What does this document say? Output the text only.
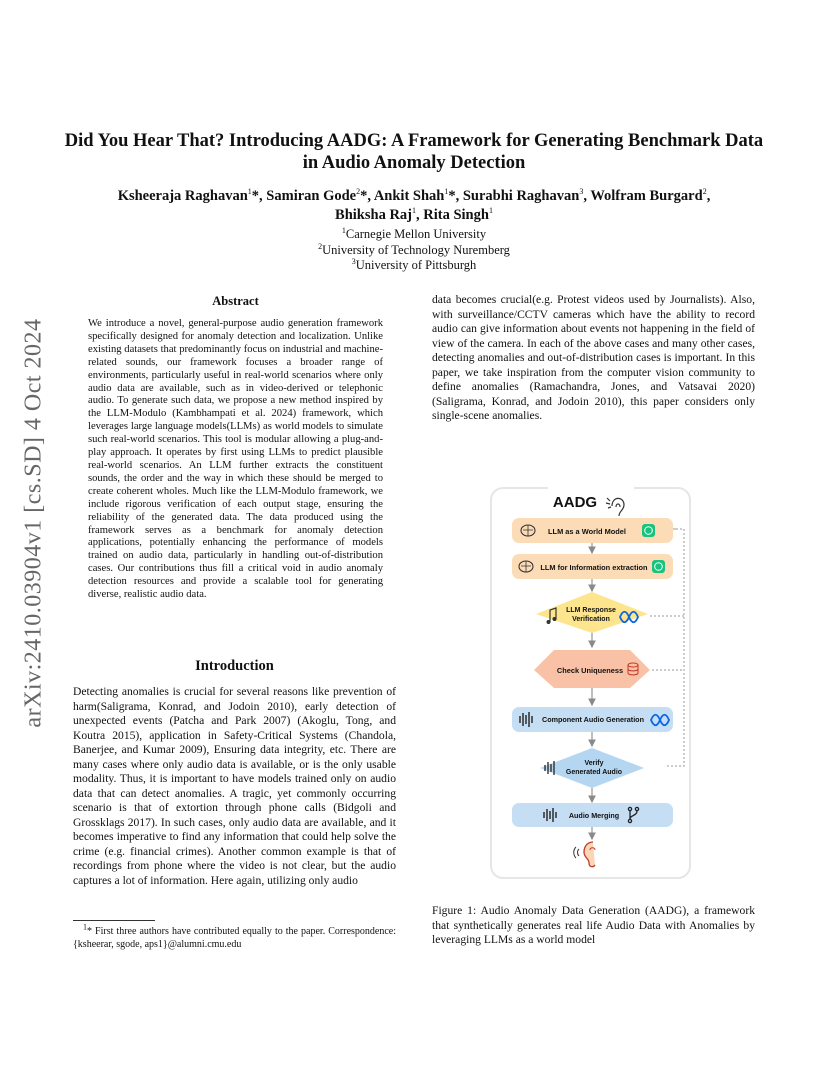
Did You Hear That? Introducing AADG: A Framework for Generating Benchmark Data in Audio Anomaly Detection
Ksheeraja Raghavan$^1$*, Samiran Gode$^2$*, Ankit Shah$^1$*, Surabhi Raghavan$^3$, Wolfram Burgard$^2$,
Bhiksha Raj$^1$, Rita Singh$^1$
$^1$Carnegie Mellon University
$^2$University of Technology Nuremberg
$^3$University of Pittsburgh
arXiv:2410.03904v1 [cs.SD] 4 Oct 2024
Abstract
We introduce a novel, general-purpose audio generation framework specifically designed for anomaly detection and localization. Unlike existing datasets that predominantly focus on industrial and machine-related sounds, our framework focuses a broader range of environments, particularly useful in real-world scenarios where only audio data are available, such as in video-derived or telephonic audio. To generate such data, we propose a new method inspired by the LLM-Modulo (Kambhampati et al. 2024) framework, which leverages large language models(LLMs) as world models to simulate such real-world scenarios. This tool is modular allowing a plug-and-play approach. It operates by first using LLMs to predict plausible real-world scenarios. An LLM further extracts the constituent sounds, the order and the way in which these should be merged to create coherent wholes. Much like the LLM-Modulo framework, we include rigorous verification of each output stage, ensuring the reliability of the generated data. The data produced using the framework serves as a benchmark for anomaly detection applications, potentially enhancing the performance of models trained on audio data, particularly in handling out-of-distribution cases. Our contributions thus fill a critical void in audio anomaly detection resources and provide a scalable tool for generating diverse, realistic audio data.
Introduction
Detecting anomalies is crucial for several reasons like prevention of harm(Saligrama, Konrad, and Jodoin 2010), early detection of unexpected events (Patcha and Park 2007) (Akoglu, Tong, and Koutra 2015), application in Safety-Critical Systems (Chandola, Banerjee, and Kumar 2009), Ensuring data integrity, etc. There are many cases where only audio data is available, or is the only usable modality. Thus, it is important to have models trained only on audio data that can detect anomalies. A tragic, yet commonly occurring scenario is that of extortion through phone calls (Bidgoli and Grossklags 2017). In such cases, only audio data are available, and it becomes imperative to find any information that could help solve the crime (e.g. financial crimes). Another common example is that of recordings from phone where the video is not clear, but the audio captures a lot of information. Here again, utilizing only audio
$^1$* First three authors have contributed equally to the paper. Correspondence: {ksheerar, sgode, aps1}@alumni.cmu.edu
data becomes crucial(e.g. Protest videos used by Journalists). Also, with surveillance/CCTV cameras which have the ability to record audio can give information about events not happening in the field of view of the camera. In each of the above cases and many other cases, detecting anomalies and out-of-distribution cases is important. In this paper, we take inspiration from the computer vision community to define anomalies (Ramachandra, Jones, and Vatsavai 2020) (Saligrama, Konrad, and Jodoin 2010), this paper considers only single-scene anomalies.
AADG
LLM as a World Model
LLM for Information extraction
LLM Response
Verification
Check Uniqueness
Component Audio Generation
Verify
Generated Audio
Audio Merging
Figure 1: Audio Anomaly Data Generation (AADG), a framework that synthetically generates real life Audio Data with Anomalies by leveraging LLMs as a world model
